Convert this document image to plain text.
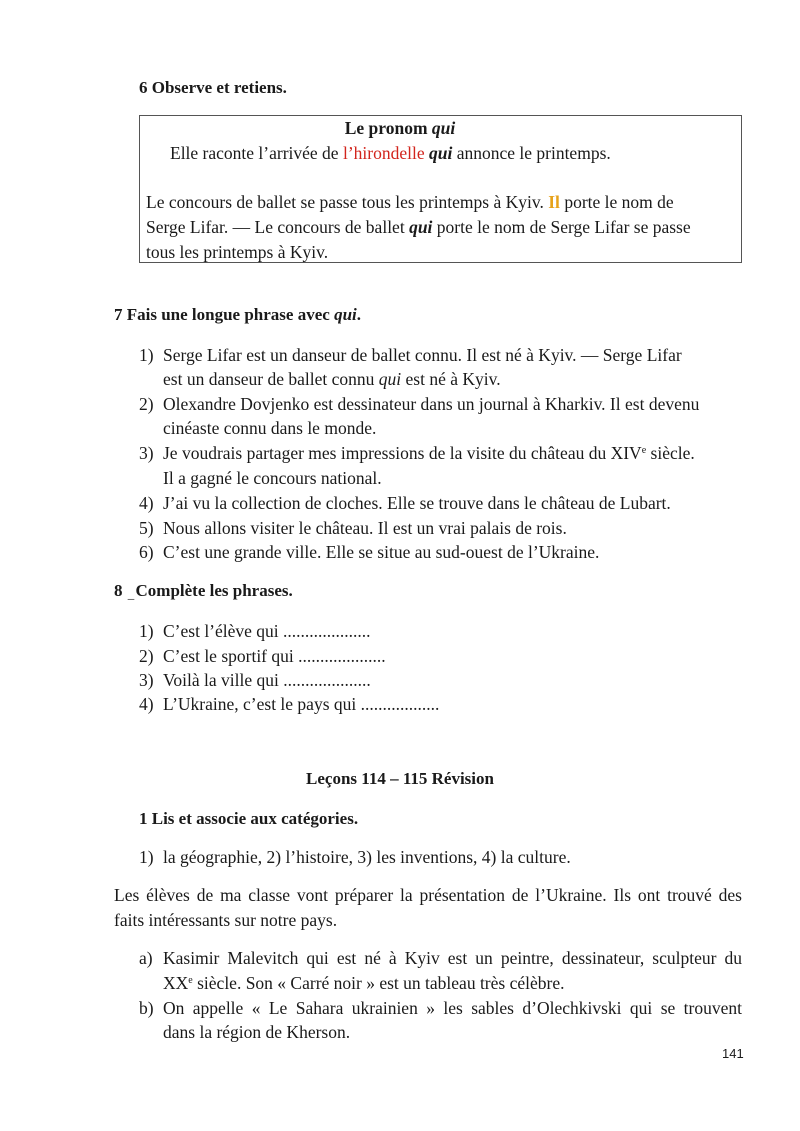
6 Observe et retiens.
Le pronom qui
Elle raconte l’arrivée de l’hirondelle qui annonce le printemps.
Le concours de ballet se passe tous les printemps à Kyiv. Il porte le nom de
Serge Lifar. — Le concours de ballet qui porte le nom de Serge Lifar se passe
tous les printemps à Kyiv.
7 Fais une longue phrase avec qui.
1) Serge Lifar est un danseur de ballet connu. Il est né à Kyiv. — Serge Lifar
est un danseur de ballet connu qui est né à Kyiv.
2) Olexandre Dovjenko est dessinateur dans un journal à Kharkiv. Il est devenu
cinéaste connu dans le monde.
3) Je voudrais partager mes impressions de la visite du château du XIVe siècle.
Il a gagné le concours national.
4) J’ai vu la collection de cloches. Elle se trouve dans le château de Lubart.
5) Nous allons visiter le château. Il est un vrai palais de rois.
6) C’est une grande ville. Elle se situe au sud-ouest de l’Ukraine.
8 _Complète les phrases.
1) C’est l’élève qui ....................
2) C’est le sportif qui ....................
3) Voilà la ville qui ....................
4) L’Ukraine, c’est le pays qui ..................
Leçons 114 – 115 Révision
1 Lis et associe aux catégories.
1) la géographie, 2) l’histoire, 3) les inventions, 4) la culture.
Les élèves de ma classe vont préparer la présentation de l’Ukraine. Ils ont trouvé des
faits intéressants sur notre pays.
a) Kasimir Malevitch qui est né à Kyiv est un peintre, dessinateur, sculpteur du
XXe siècle. Son « Carré noir » est un tableau très célèbre.
b) On appelle « Le Sahara ukrainien » les sables d’Olechkivski qui se trouvent
dans la région de Kherson.
141
